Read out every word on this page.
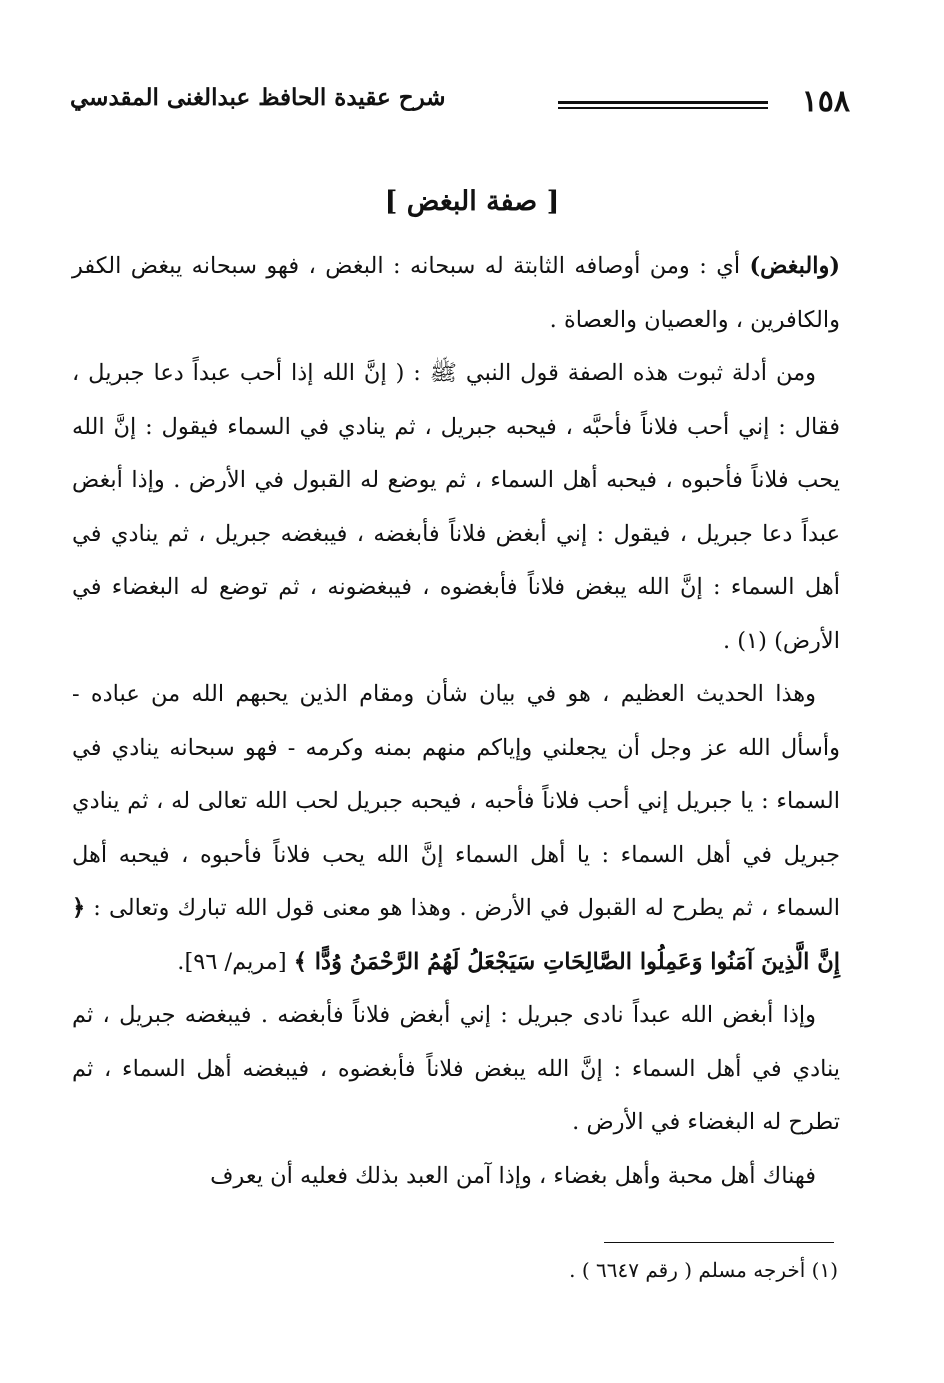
١٥٨
شرح عقيدة الحافظ عبدالغنى المقدسي
[ صفة البغض ]

(والبغض) أي : ومن أوصافه الثابتة له سبحانه : البغض ، فهو سبحانه يبغض الكفر والكافرين ، والعصيان والعصاة .

ومن أدلة ثبوت هذه الصفة قول النبي ﷺ : ( إنَّ الله إذا أحب عبداً دعا جبريل ، فقال : إني أحب فلاناً فأحبَّه ، فيحبه جبريل ، ثم ينادي في السماء فيقول : إنَّ الله يحب فلاناً فأحبوه ، فيحبه أهل السماء ، ثم يوضع له القبول في الأرض . وإذا أبغض عبداً دعا جبريل ، فيقول : إني أبغض فلاناً فأبغضه ، فيبغضه جبريل ، ثم ينادي في أهل السماء : إنَّ الله يبغض فلاناً فأبغضوه ، فيبغضونه ، ثم توضع له البغضاء في الأرض) (١) .

وهذا الحديث العظيم ، هو في بيان شأن ومقام الذين يحبهم الله من عباده - وأسأل الله عز وجل أن يجعلني وإياكم منهم بمنه وكرمه - فهو سبحانه ينادي في السماء : يا جبريل إني أحب فلاناً فأحبه ، فيحبه جبريل لحب الله تعالى له ، ثم ينادي جبريل في أهل السماء : يا أهل السماء إنَّ الله يحب فلاناً فأحبوه ، فيحبه أهل السماء ، ثم يطرح له القبول في الأرض . وهذا هو معنى قول الله تبارك وتعالى : ﴿ إِنَّ الَّذِينَ آمَنُوا وَعَمِلُوا الصَّالِحَاتِ سَيَجْعَلُ لَهُمُ الرَّحْمَنُ وُدًّا ﴾ [مريم/ ٩٦].

وإذا أبغض الله عبداً نادى جبريل : إني أبغض فلاناً فأبغضه . فيبغضه جبريل ، ثم ينادي في أهل السماء : إنَّ الله يبغض فلاناً فأبغضوه ، فيبغضه أهل السماء ، ثم تطرح له البغضاء في الأرض .

فهناك أهل محبة وأهل بغضاء ، وإذا آمن العبد بذلك فعليه أن يعرف

(١) أخرجه مسلم ( رقم ٦٦٤٧ ) .
